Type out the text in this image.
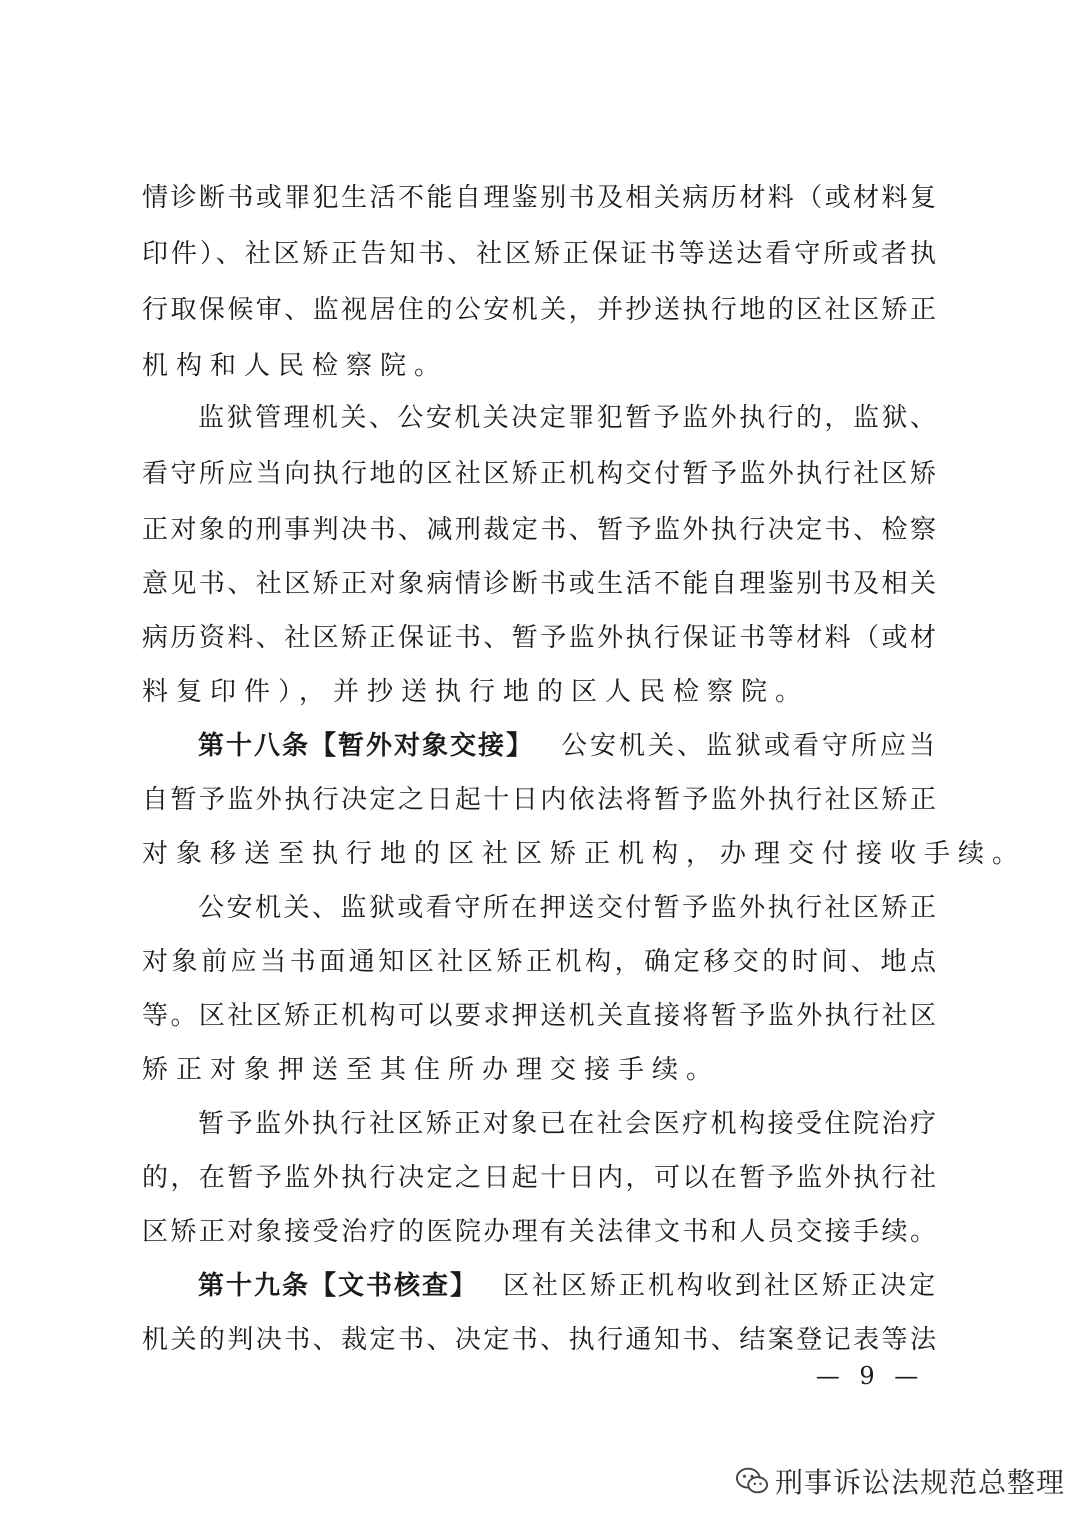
情诊断书或罪犯生活不能自理鉴别书及相关病历材料（或材料复
印件）、社区矫正告知书、社区矫正保证书等送达看守所或者执
行取保候审、监视居住的公安机关，并抄送执行地的区社区矫正
机构和人民检察院。
监狱管理机关、公安机关决定罪犯暂予监外执行的，监狱、
看守所应当向执行地的区社区矫正机构交付暂予监外执行社区矫
正对象的刑事判决书、减刑裁定书、暂予监外执行决定书、检察
意见书、社区矫正对象病情诊断书或生活不能自理鉴别书及相关
病历资料、社区矫正保证书、暂予监外执行保证书等材料（或材
料复印件），并抄送执行地的区人民检察院。
第十八条【暂外对象交接】 公安机关、监狱或看守所应当
自暂予监外执行决定之日起十日内依法将暂予监外执行社区矫正
对象移送至执行地的区社区矫正机构，办理交付接收手续。
公安机关、监狱或看守所在押送交付暂予监外执行社区矫正
对象前应当书面通知区社区矫正机构，确定移交的时间、地点
等。区社区矫正机构可以要求押送机关直接将暂予监外执行社区
矫正对象押送至其住所办理交接手续。
暂予监外执行社区矫正对象已在社会医疗机构接受住院治疗
的，在暂予监外执行决定之日起十日内，可以在暂予监外执行社
区矫正对象接受治疗的医院办理有关法律文书和人员交接手续。
第十九条【文书核查】 区社区矫正机构收到社区矫正决定
机关的判决书、裁定书、决定书、执行通知书、结案登记表等法
— 9 —
刑事诉讼法规范总整理
